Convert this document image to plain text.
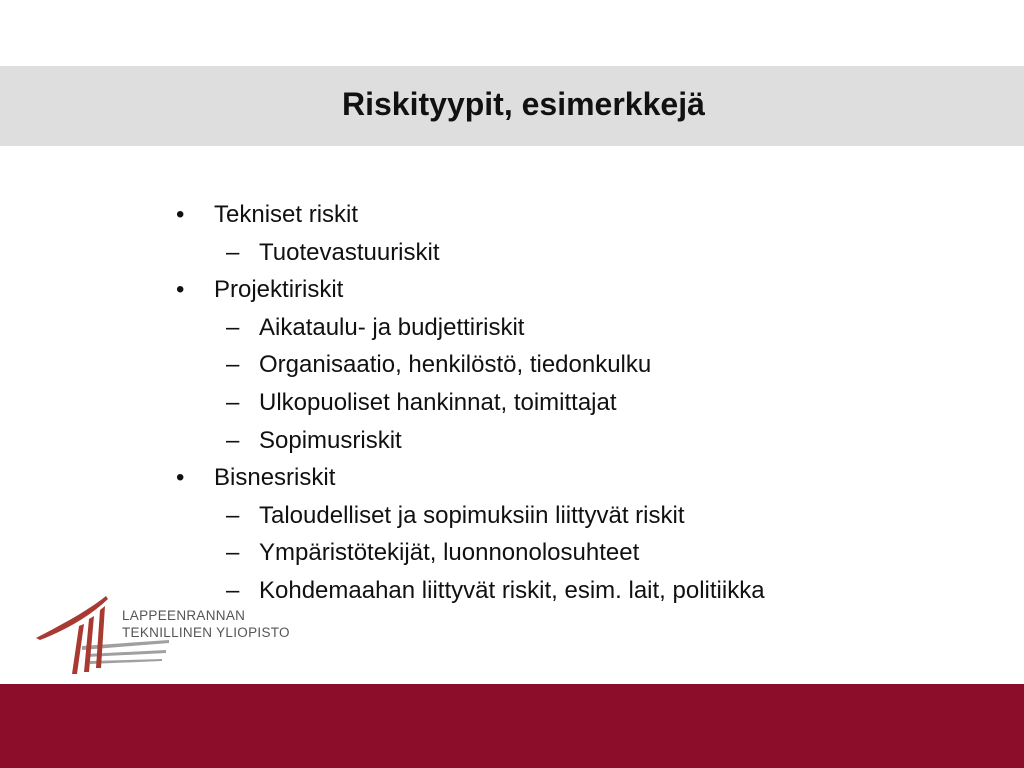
Riskityypit, esimerkkejä
• Tekniset riskit
– Tuotevastuuriskit
• Projektiriskit
– Aikataulu- ja budjettiriskit
– Organisaatio, henkilöstö, tiedonkulku
– Ulkopuoliset hankinnat, toimittajat
– Sopimusriskit
• Bisnesriskit
– Taloudelliset ja sopimuksiin liittyvät riskit
– Ympäristötekijät, luonnonolosuhteet
– Kohdemaahan liittyvät riskit, esim. lait, politiikka
LAPPEENRANNAN
TEKNILLINEN YLIOPISTO
